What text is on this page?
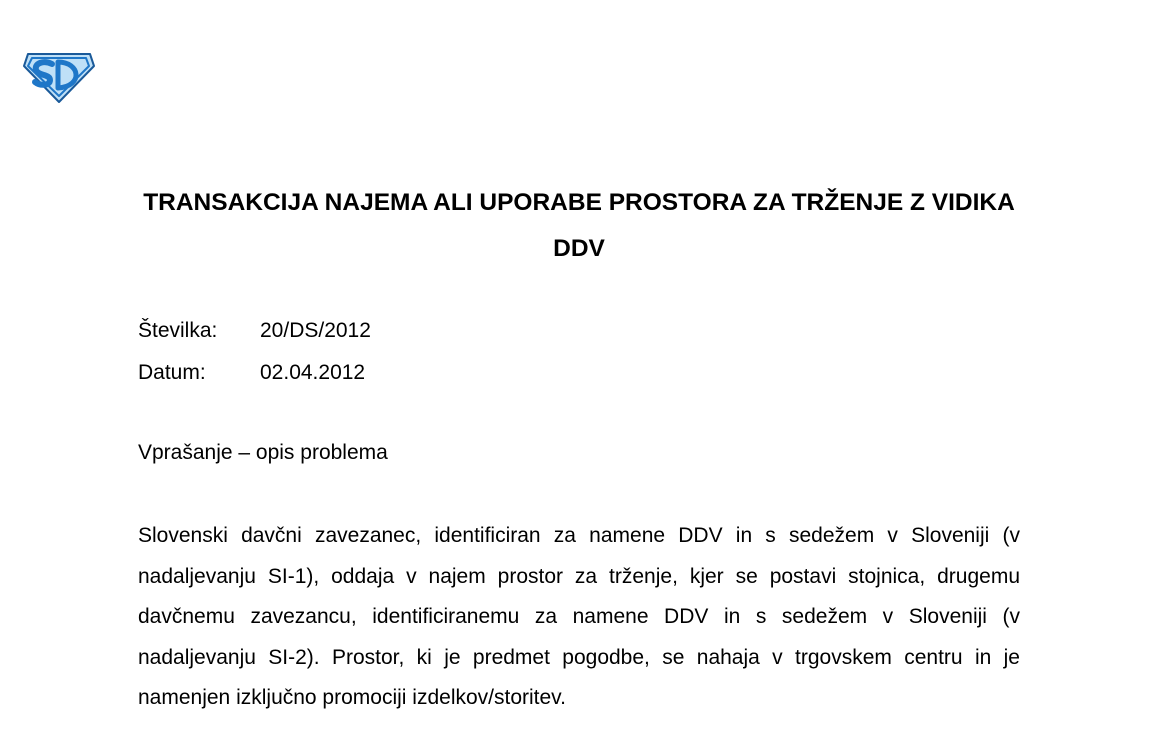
TRANSAKCIJA NAJEMA ALI UPORABE PROSTORA ZA TRŽENJE Z VIDIKA DDV
Številka: 20/DS/2012
Datum:	02.04.2012

Vprašanje – opis problema

Slovenski davčni zavezanec, identificiran za namene DDV in s sedežem v Sloveniji (v nadaljevanju SI-1), oddaja v najem prostor za trženje, kjer se postavi stojnica, drugemu davčnemu zavezancu, identificiranemu za namene DDV in s sedežem v Sloveniji (v nadaljevanju SI-2). Prostor, ki je predmet pogodbe, se nahaja v trgovskem centru in je namenjen izključno promociji izdelkov/storitev.
